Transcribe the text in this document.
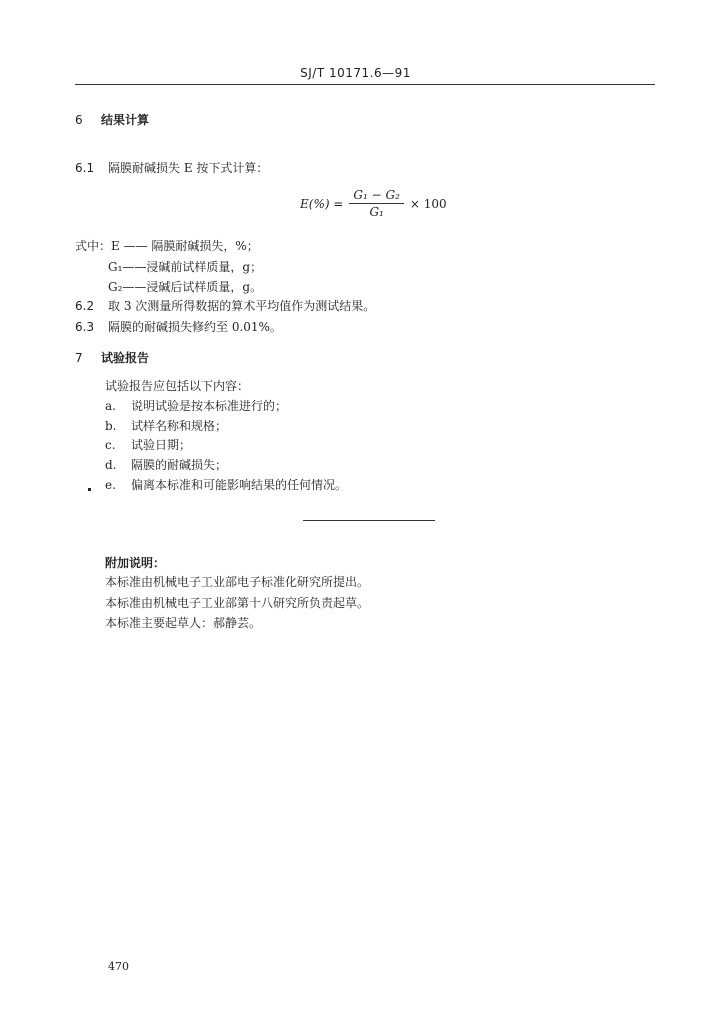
SJ/T 10171.6—91
6 结果计算
6.1 隔膜耐碱损失 E 按下式计算：
$E(\%) = \frac{\text{G₁ − G₂}}{\text{G₁}} \times 100$
式中：E —— 隔膜耐碱损失，%；
G₁——浸碱前试样质量，g；
G₂——浸碱后试样质量，g。
6.2 取 3 次测量所得数据的算术平均值作为测试结果。
6.3 隔膜的耐碱损失修约至 0.01%。
7 试验报告
试验报告应包括以下内容：
a. 说明试验是按本标准进行的；
b. 试样名称和规格；
c. 试验日期；
d. 隔膜的耐碱损失；
e. 偏离本标准和可能影响结果的任何情况。
附加说明：
本标准由机械电子工业部电子标准化研究所提出。
本标准由机械电子工业部第十八研究所负责起草。
本标准主要起草人：郝静芸。
470
